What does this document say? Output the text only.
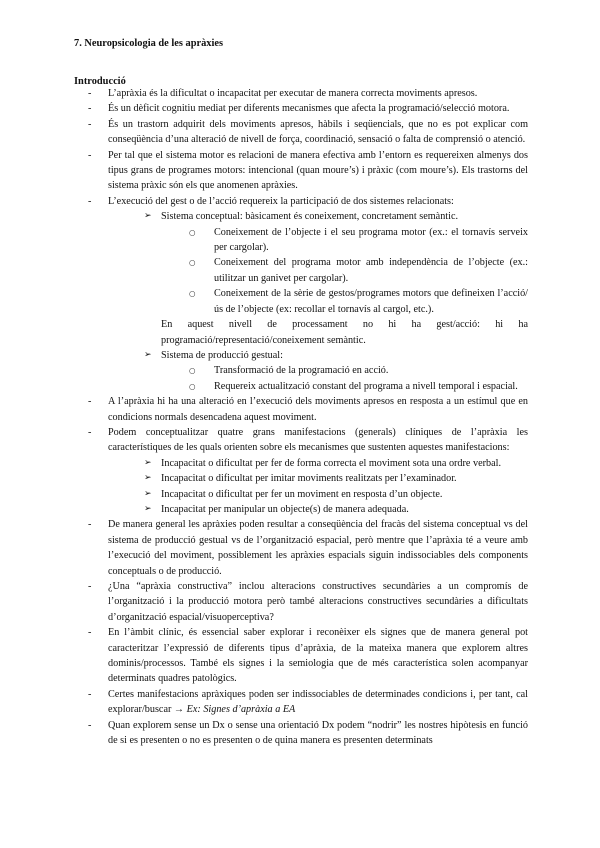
7. Neuropsicologia de les apràxies
Introducció
- L’apràxia és la dificultat o incapacitat per executar de manera correcta moviments apresos.
- És un dèficit cognitiu mediat per diferents mecanismes que afecta la programació/selecció motora.
- És un trastorn adquirit dels moviments apresos, hàbils i seqüencials, que no es pot explicar com conseqüència d’una alteració de nivell de força, coordinació, sensació o falta de comprensió o atenció.
- Per tal que el sistema motor es relacioni de manera efectiva amb l’entorn es requereixen almenys dos tipus grans de programes motors: intencional (quan moure’s) i pràxic (com moure’s). Els trastorns del sistema pràxic són els que anomenen apràxies.
- L’execució del gest o de l’acció requereix la participació de dos sistemes relacionats:
➢ Sistema conceptual: bàsicament és coneixement, concretament semàntic.
○ Coneixement de l’objecte i el seu programa motor (ex.: el tornavís serveix per cargolar).
○ Coneixement del programa motor amb independència de l’objecte (ex.: utilitzar un ganivet per cargolar).
○ Coneixement de la sèrie de gestos/programes motors que defineixen l’acció/ús de l’objecte (ex: recollar el tornavís al cargol, etc.).
En aquest nivell de processament no hi ha gest/acció: hi ha programació/representació/coneixement semàntic.
➢ Sistema de producció gestual:
○ Transformació de la programació en acció.
○ Requereix actualització constant del programa a nivell temporal i espacial.
- A l’apràxia hi ha una alteració en l’execució dels moviments apresos en resposta a un estímul que en condicions normals desencadena aquest moviment.
- Podem conceptualitzar quatre grans manifestacions (generals) clíniques de l’apràxia les característiques de les quals orienten sobre els mecanismes que sustenten aquestes manifestacions:
➢ Incapacitat o dificultat per fer de forma correcta el moviment sota una ordre verbal.
➢ Incapacitat o dificultat per imitar moviments realitzats per l’examinador.
➢ Incapacitat o dificultat per fer un moviment en resposta d’un objecte.
➢ Incapacitat per manipular un objecte(s) de manera adequada.
- De manera general les apràxies poden resultar a conseqüència del fracàs del sistema conceptual vs del sistema de producció gestual vs de l’organització espacial, però mentre que l’apràxia té a veure amb l’execució del moviment, possiblement les apràxies espacials siguin indissociables dels components conceptuals o de producció.
- ¿Una “apràxia constructiva” inclou alteracions constructives secundàries a un compromís de l’organització i la producció motora però també alteracions constructives secundàries a dificultats d’organització espacial/visuoperceptiva?
- En l’àmbit clínic, és essencial saber explorar i reconèixer els signes que de manera general pot caracteritzar l’expressió de diferents tipus d’apràxia, de la mateixa manera que explorem altres dominis/processos. També els signes i la semiologia que de més característica solen acompanyar determinats quadres patològics.
- Certes manifestacions apràxiques poden ser indissociables de determinades condicions i, per tant, cal explorar/buscar → Ex: Signes d’apràxia a EA
- Quan explorem sense un Dx o sense una orientació Dx podem “nodrir” les nostres hipòtesis en funció de si es presenten o no es presenten o de quina manera es presenten determinats
